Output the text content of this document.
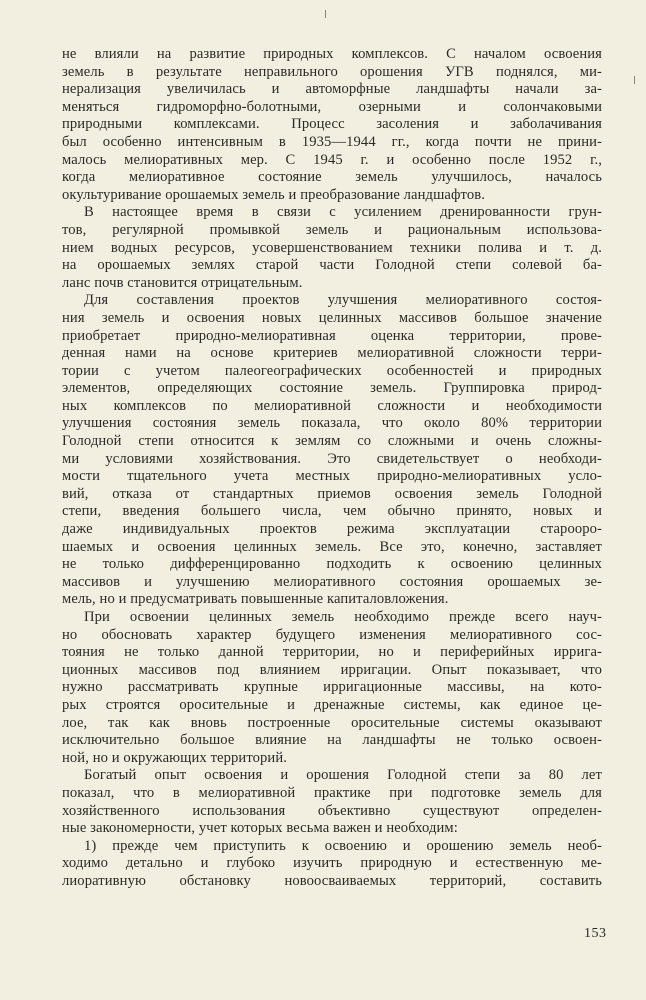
не влияли на развитие природных комплексов. С началом освоения
земель в результате неправильного орошения УГВ поднялся, ми-
нерализация увеличилась и автоморфные ландшафты начали за-
меняться гидроморфно-болотными, озерными и солончаковыми
природными комплексами. Процесс засоления и заболачивания
был особенно интенсивным в 1935—1944 гг., когда почти не прини-
малось мелиоративных мер. С 1945 г. и особенно после 1952 г.,
когда мелиоративное состояние земель улучшилось, началось
окультуривание орошаемых земель и преобразование ландшафтов.
В настоящее время в связи с усилением дренированности грун-
тов, регулярной промывкой земель и рациональным использова-
нием водных ресурсов, усовершенствованием техники полива и т. д.
на орошаемых землях старой части Голодной степи солевой ба-
ланс почв становится отрицательным.
Для составления проектов улучшения мелиоративного состоя-
ния земель и освоения новых целинных массивов большое значение
приобретает природно-мелиоративная оценка территории, прове-
денная нами на основе критериев мелиоративной сложности терри-
тории с учетом палеогеографических особенностей и природных
элементов, определяющих состояние земель. Группировка природ-
ных комплексов по мелиоративной сложности и необходимости
улучшения состояния земель показала, что около 80% территории
Голодной степи относится к землям со сложными и очень сложны-
ми условиями хозяйствования. Это свидетельствует о необходи-
мости тщательного учета местных природно-мелиоративных усло-
вий, отказа от стандартных приемов освоения земель Голодной
степи, введения большего числа, чем обычно принято, новых и
даже индивидуальных проектов режима эксплуатации староoро-
шаемых и освоения целинных земель. Все это, конечно, заставляет
не только дифференцированно подходить к освоению целинных
массивов и улучшению мелиоративного состояния орошаемых зе-
мель, но и предусматривать повышенные капиталовложения.
При освоении целинных земель необходимо прежде всего науч-
но обосновать характер будущего изменения мелиоративного сос-
тояния не только данной территории, но и периферийных ирригa-
ционных массивов под влиянием ирригации. Опыт показывает, что
нужно рассматривать крупные ирригационные массивы, на кото-
рых строятся оросительные и дренажные системы, как единое це-
лое, так как вновь построенные оросительные системы оказывают
исключительно большое влияние на ландшафты не только освоен-
ной, но и окружающих территорий.
Богатый опыт освоения и орошения Голодной степи за 80 лет
показал, что в мелиоративной практике при подготовке земель для
хозяйственного использования объективно существуют определен-
ные закономерности, учет которых весьма важен и необходим:
1) прежде чем приступить к освоению и орошению земель необ-
ходимо детально и глубоко изучить природную и естественную ме-
лиоративную обстановку новоосваиваемых территорий, составить
153
